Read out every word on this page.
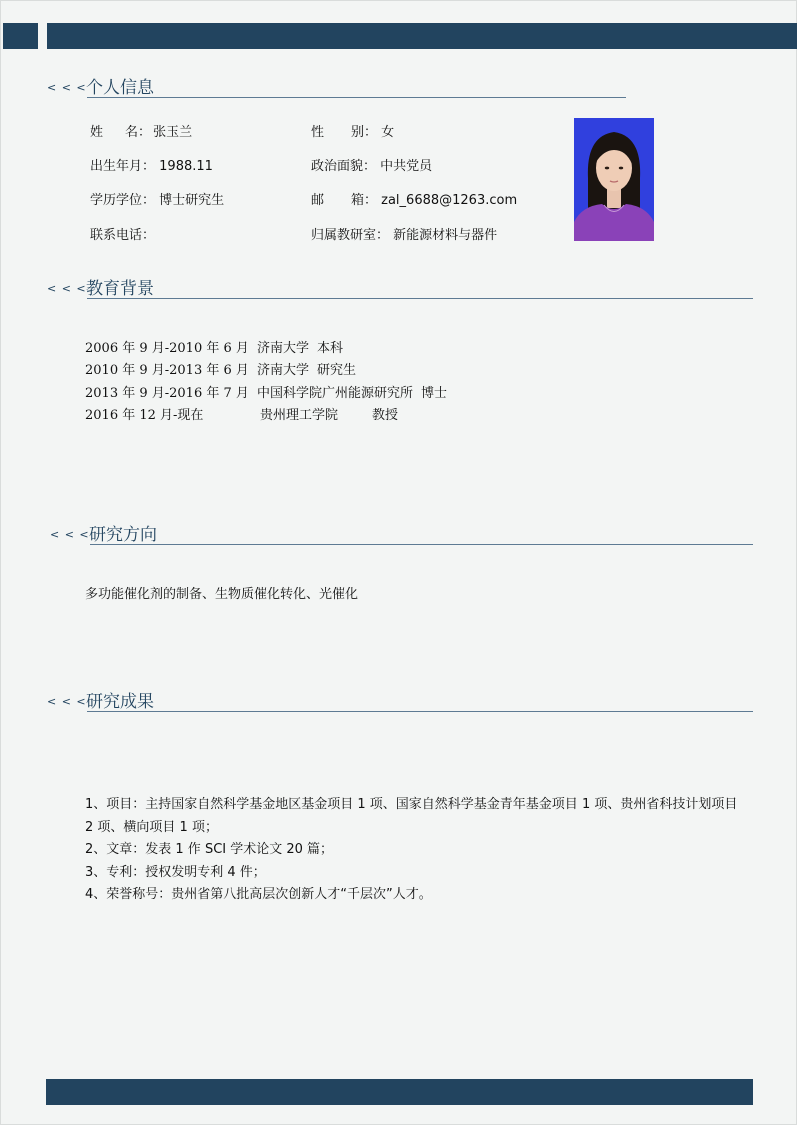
< < < 个人信息
姓 名： 张玉兰	性 别： 女
出生年月： 1988.11	政治面貌： 中共党员
学历学位： 博士研究生	邮 箱： zal_6688@1263.com
联系电话：	归属教研室： 新能源材料与器件
< < < 教育背景
2006 年 9 月-2010 年 6 月 济南大学 本科
2010 年 9 月-2013 年 6 月 济南大学 研究生
2013 年 9 月-2016 年 7 月 中国科学院广州能源研究所 博士
2016 年 12 月-现在	贵州理工学院	教授
< < < 研究方向
多功能催化剂的制备、生物质催化转化、光催化
< < < 研究成果
1、项目：主持国家自然科学基金地区基金项目 1 项、国家自然科学基金青年基金项目 1 项、贵州省科技计划项目
2 项、横向项目 1 项；
2、文章：发表 1 作 SCI 学术论文 20 篇；
3、专利：授权发明专利 4 件；
4、荣誉称号：贵州省第八批高层次创新人才“千层次”人才。
